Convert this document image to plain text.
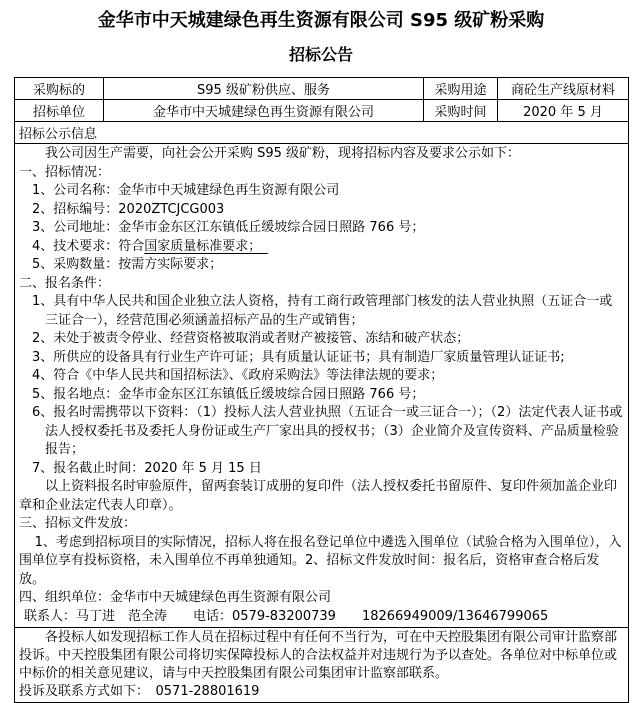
金华市中天城建绿色再生资源有限公司 S95 级矿粉采购
招标公告
采购标的	S95 级矿粉供应、服务	采购用途	商砼生产线原材料
招标单位	金华市中天城建绿色再生资源有限公司	采购时间	2020 年 5 月
招标公示信息			

我公司因生产需要，向社会公开采购 S95 级矿粉，现将招标内容及要求公示如下：
一、招标情况：
1、公司名称：金华市中天城建绿色再生资源有限公司
2、招标编号：2020ZTCJCG003
3、公司地址：金华市金东区江东镇低丘缓坡综合园日照路 766 号；
4、技术要求：符合国家质量标准要求；　
5、采购数量：按需方实际要求；
二、报名条件：
1、具有中华人民共和国企业独立法人资格，持有工商行政管理部门核发的法人营业执照（五证合一或三证合一），经营范围必须涵盖招标产品的生产或销售；
2、未处于被责令停业、经营资格被取消或者财产被接管、冻结和破产状态；
3、所供应的设备具有行业生产许可证；具有质量认证证书；具有制造厂家质量管理认证证书;
4、符合《中华人民共和国招标法》、《政府采购法》等法律法规的要求；
5、报名地点：金华市金东区江东镇低丘缓坡综合园日照路 766 号；
6、报名时需携带以下资料：（1）投标人法人营业执照（五证合一或三证合一）；（2）法定代表人证书或法人授权委托书及委托人身份证或生产厂家出具的授权书；（3）企业简介及宣传资料、产品质量检验报告；
7、报名截止时间：2020 年 5 月 15 日
以上资料报名时审验原件，留两套装订成册的复印件（法人授权委托书留原件、复印件须加盖企业印章和企业法定代表人印章）。
三、招标文件发放：
1、考虑到招标项目的实际情况，招标人将在报名登记单位中遴选入围单位（试验合格为入围单位），入围单位享有投标资格，未入围单位不再单独通知。2、招标文件发放时间：报名后，资格审查合格后发放。
四、组织单位：金华市中天城建绿色再生资源有限公司
联系人：马丁进　范全涛　　电话：0579-83200739　　18266949009/13646799065

各投标人如发现招标工作人员在招标过程中有任何不当行为，可在中天控股集团有限公司审计监察部投诉。中天控股集团有限公司将切实保障投标人的合法权益并对违规行为予以查处。各单位对中标单位或中标价的相关意见建议，请与中天控股集团有限公司集团审计监察部联系。
投诉及联系方式如下：　0571-28801619			
